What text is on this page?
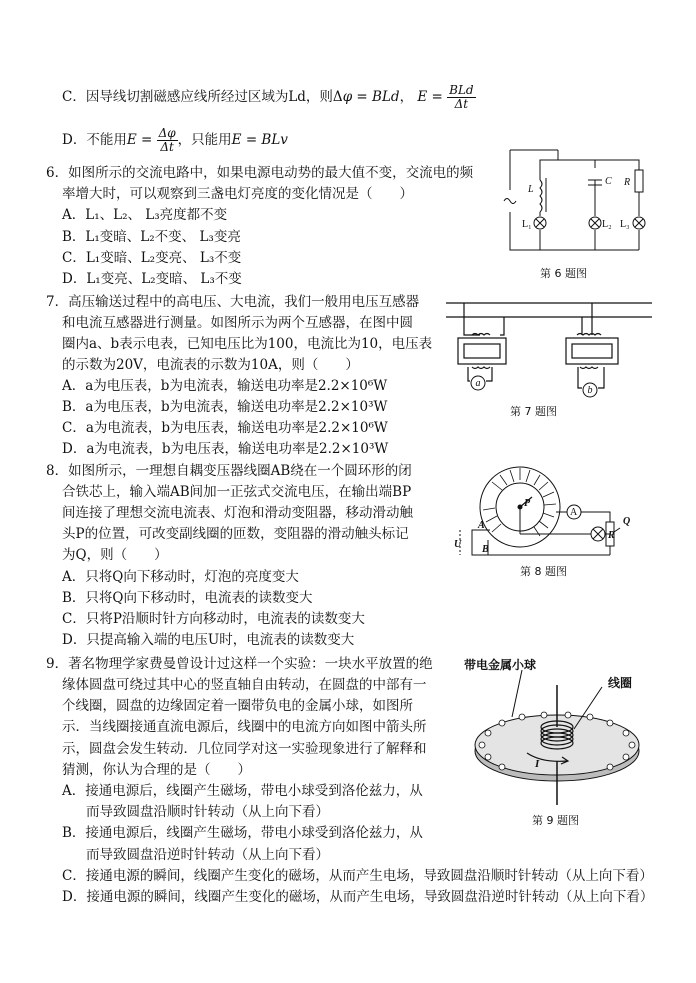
C．因导线切割磁感应线所经过区域为Ld，则Δφ = BLd， $E = \frac{\text{BLd}}{\Delta t}$
D．不能用$E = \frac{\Delta\varphi}{\Delta t}$ ，只能用E = BLv
6．如图所示的交流电路中，如果电源电动势的最大值不变，交流电的频
率增大时，可以观察到三盏电灯亮度的变化情况是（　　）
A．L₁、L₂、 L₃亮度都不变
B．L₁变暗、L₂不变、 L₃变亮
C．L₁变暗、L₂变亮、 L₃不变
D．L₁变亮、L₂变暗、 L₃不变
L
C R
L₁	L₂ L₃
第 6 题图
7．高压输送过程中的高电压、大电流，我们一般用电压互感器
和电流互感器进行测量。如图所示为两个互感器，在图中圆
圈内a、b表示电表，已知电压比为100，电流比为10，电压表
的示数为20V，电流表的示数为10A，则（　　）
A．a为电压表，b为电流表，输送电功率是2.2×10⁶W
B．a为电压表，b为电流表，输送电功率是2.2×10³W
C．a为电流表，b为电压表，输送电功率是2.2×10⁶W
D．a为电流表，b为电压表，输送电功率是2.2×10³W
a
b
第 7 题图
8．如图所示，一理想自耦变压器线圈AB绕在一个圆环形的闭
合铁芯上，输入端AB间加一正弦式交流电压，在输出端BP
间连接了理想交流电流表、灯泡和滑动变阻器，移动滑动触
头P的位置，可改变副线圈的匝数，变阻器的滑动触头标记
为Q，则（　　）
A．只将Q向下移动时，灯泡的亮度变大
B．只将Q向下移动时，电流表的读数变大
C．只将P沿顺时针方向移动时，电流表的读数变大
D．只提高输入端的电压U时，电流表的读数变大
P
A
B
U
A
R
Q
第 8 题图
9．著名物理学家费曼曾设计过这样一个实验：一块水平放置的绝
缘体圆盘可绕过其中心的竖直轴自由转动，在圆盘的中部有一
个线圈，圆盘的边缘固定着一圈带负电的金属小球，如图所
示．当线圈接通直流电源后，线圈中的电流方向如图中箭头所
示，圆盘会发生转动．几位同学对这一实验现象进行了解释和
猜测，你认为合理的是（　　）
A．接通电源后，线圈产生磁场，带电小球受到洛伦兹力，从
而导致圆盘沿顺时针转动（从上向下看）
B．接通电源后，线圈产生磁场，带电小球受到洛伦兹力，从
而导致圆盘沿逆时针转动（从上向下看）
C．接通电源的瞬间，线圈产生变化的磁场，从而产生电场，导致圆盘沿顺时针转动（从上向下看）
D．接通电源的瞬间，线圈产生变化的磁场，从而产生电场，导致圆盘沿逆时针转动（从上向下看）
带电金属小球
线圈
I
第 9 题图
